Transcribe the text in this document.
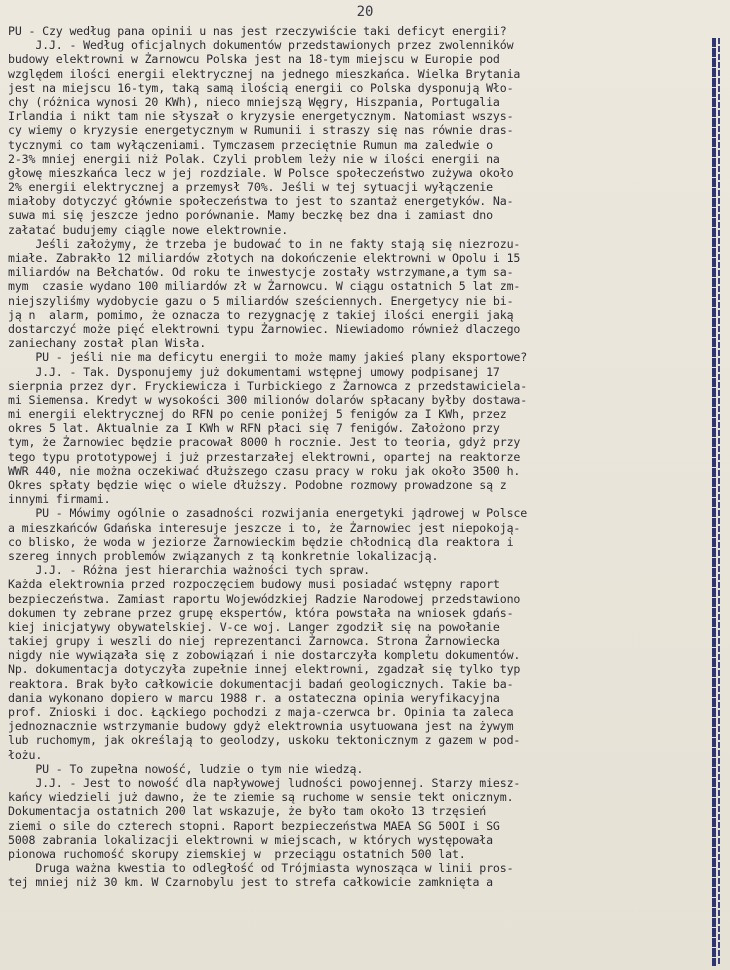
20
PU - Czy według pana opinii u nas jest rzeczywiście taki deficyt energii?
J.J. - Według oficjalnych dokumentów przedstawionych przez zwolenników
budowy elektrowni w Żarnowcu Polska jest na 18-tym miejscu w Europie pod
względem ilości energii elektrycznej na jednego mieszkańca. Wielka Brytania
jest na miejscu 16-tym, taką samą ilością energii co Polska dysponują Wło-
chy (różnica wynosi 20 KWh), nieco mniejszą Węgry, Hiszpania, Portugalia
Irlandia i nikt tam nie słyszał o kryzysie energetycznym. Natomiast wszys-
cy wiemy o kryzysie energetycznym w Rumunii i straszy się nas równie dras-
tycznymi co tam wyłączeniami. Tymczasem przeciętnie Rumun ma zaledwie o
2-3% mniej energii niż Polak. Czyli problem leży nie w ilości energii na
głowę mieszkańca lecz w jej rozdziale. W Polsce społeczeństwo zużywa około
2% energii elektrycznej a przemysł 70%. Jeśli w tej sytuacji wyłączenie
miałoby dotyczyć głównie społeczeństwa to jest to szantaż energetyków. Na-
suwa mi się jeszcze jedno porównanie. Mamy beczkę bez dna i zamiast dno
załatać budujemy ciągle nowe elektrownie.
Jeśli założymy, że trzeba je budować to in ne fakty stają się niezrozu-
miałe. Zabrakło 12 miliardów złotych na dokończenie elektrowni w Opolu i 15
miliardów na Bełchatów. Od roku te inwestycje zostały wstrzymane,a tym sa-
mym  czasie wydano 100 miliardów zł w Żarnowcu. W ciągu ostatnich 5 lat zm-
niejszyliśmy wydobycie gazu o 5 miliardów sześciennych. Energetycy nie bi-
ją n  alarm, pomimo, że oznacza to rezygnację z takiej ilości energii jaką
dostarczyć może pięć elektrowni typu Żarnowiec. Niewiadomo również dlaczego
zaniechany został plan Wisła.
PU - jeśli nie ma deficytu energii to może mamy jakieś plany eksportowe?
J.J. - Tak. Dysponujemy już dokumentami wstępnej umowy podpisanej 17
sierpnia przez dyr. Fryckiewicza i Turbickiego z Żarnowca z przedstawiciela-
mi Siemensa. Kredyt w wysokości 300 milionów dolarów spłacany byłby dostawa-
mi energii elektrycznej do RFN po cenie poniżej 5 fenigów za I KWh, przez
okres 5 lat. Aktualnie za I KWh w RFN płaci się 7 fenigów. Założono przy
tym, że Żarnowiec będzie pracował 8000 h rocznie. Jest to teoria, gdyż przy
tego typu prototypowej i już przestarzałej elektrowni, opartej na reaktorze
WWR 440, nie można oczekiwać dłuższego czasu pracy w roku jak około 3500 h.
Okres spłaty będzie więc o wiele dłuższy. Podobne rozmowy prowadzone są z
innymi firmami.
PU - Mówimy ogólnie o zasadności rozwijania energetyki jądrowej w Polsce
a mieszkańców Gdańska interesuje jeszcze i to, że Żarnowiec jest niepokoją-
co blisko, że woda w jeziorze Żarnowieckim będzie chłodnicą dla reaktora i
szereg innych problemów związanych z tą konkretnie lokalizacją.
J.J. - Różna jest hierarchia ważności tych spraw.
Każda elektrownia przed rozpoczęciem budowy musi posiadać wstępny raport
bezpieczeństwa. Zamiast raportu Wojewódzkiej Radzie Narodowej przedstawiono
dokumen ty zebrane przez grupę ekspertów, która powstała na wniosek gdańs-
kiej inicjatywy obywatelskiej. V-ce woj. Langer zgodził się na powołanie
takiej grupy i weszli do niej reprezentanci Żarnowca. Strona Żarnowiecka
nigdy nie wywiązała się z zobowiązań i nie dostarczyła kompletu dokumentów.
Np. dokumentacja dotyczyła zupełnie innej elektrowni, zgadzał się tylko typ
reaktora. Brak było całkowicie dokumentacji badań geologicznych. Takie ba-
dania wykonano dopiero w marcu 1988 r. a ostateczna opinia weryfikacyjna
prof. Znioski i doc. Łąckiego pochodzi z maja-czerwca br. Opinia ta zaleca
jednoznacznie wstrzymanie budowy gdyż elektrownia usytuowana jest na żywym
lub ruchomym, jak określają to geolodzy, uskoku tektonicznym z gazem w pod-
łożu.
PU - To zupełna nowość, ludzie o tym nie wiedzą.
J.J. - Jest to nowość dla napływowej ludności powojennej. Starzy miesz-
kańcy wiedzieli już dawno, że te ziemie są ruchome w sensie tekt onicznym.
Dokumentacja ostatnich 200 lat wskazuje, że było tam około 13 trzęsień
ziemi o sile do czterech stopni. Raport bezpieczeństwa MAEA SG 50OI i SG
5008 zabrania lokalizacji elektrowni w miejscach, w których występowała
pionowa ruchomość skorupy ziemskiej w  przeciągu ostatnich 500 lat.
Druga ważna kwestia to odległość od Trójmiasta wynosząca w linii pros-
tej mniej niż 30 km. W Czarnobylu jest to strefa całkowicie zamknięta a
